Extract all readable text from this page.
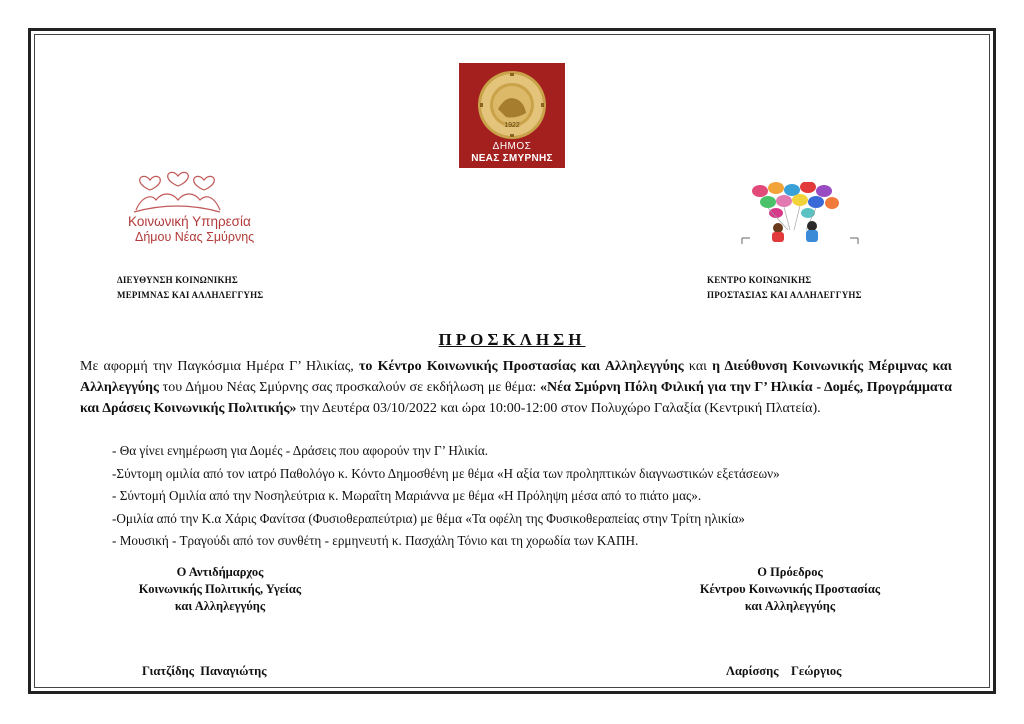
1922
ΔΗΜΟΣ
ΝΕΑΣ ΣΜΥΡΝΗΣ
Κοινωνική Υπηρεσία
Δήμου Νέας Σμύρνης
ΔΙΕΥΘΥΝΣΗ ΚΟΙΝΩΝΙΚΗΣ
ΜΕΡΙΜΝΑΣ ΚΑΙ ΑΛΛΗΛΕΓΓΥΗΣ
ΚΕΝΤΡΟ ΚΟΙΝΩΝΙΚΗΣ
ΠΡΟΣΤΑΣΙΑΣ ΚΑΙ ΑΛΛΗΛΕΓΓΥΗΣ
ΠΡΟΣΚΛΗΣΗ
Με αφορμή την Παγκόσμια Ημέρα Γ’ Ηλικίας, το Κέντρο Κοινωνικής Προστασίας και Αλληλεγγύης και η Διεύθυνση Κοινωνικής Μέριμνας και Αλληλεγγύης του Δήμου Νέας Σμύρνης σας προσκαλούν σε εκδήλωση με θέμα: «Νέα Σμύρνη Πόλη Φιλική για την Γ’ Ηλικία - Δομές, Προγράμματα και Δράσεις Κοινωνικής Πολιτικής» την Δευτέρα 03/10/2022 και ώρα 10:00-12:00 στον Πολυχώρο Γαλαξία (Κεντρική Πλατεία).
- Θα γίνει ενημέρωση για Δομές - Δράσεις που αφορούν την Γ’ Ηλικία.
-Σύντομη ομιλία από τον ιατρό Παθολόγο κ. Κόντο Δημοσθένη με θέμα «Η αξία των προληπτικών διαγνωστικών εξετάσεων»
- Σύντομή Ομιλία από την Νοσηλεύτρια κ. Μωραΐτη Μαριάννα με θέμα «Η Πρόληψη μέσα από το πιάτο μας».
-Ομιλία από την Κ.α Χάρις Φανίτσα (Φυσιοθεραπεύτρια) με θέμα «Τα οφέλη της Φυσικοθεραπείας στην Τρίτη ηλικία»
- Μουσική - Τραγούδι από τον συνθέτη - ερμηνευτή κ. Πασχάλη Τόνιο και τη χορωδία των ΚΑΠΗ.
Ο Αντιδήμαρχος
Κοινωνικής Πολιτικής, Υγείας
και Αλληλεγγύης
Ο Πρόεδρος
Κέντρου Κοινωνικής Προστασίας
και Αλληλεγγύης
Γιατζίδης  Παναγιώτης	Λαρίσσης    Γεώργιος
